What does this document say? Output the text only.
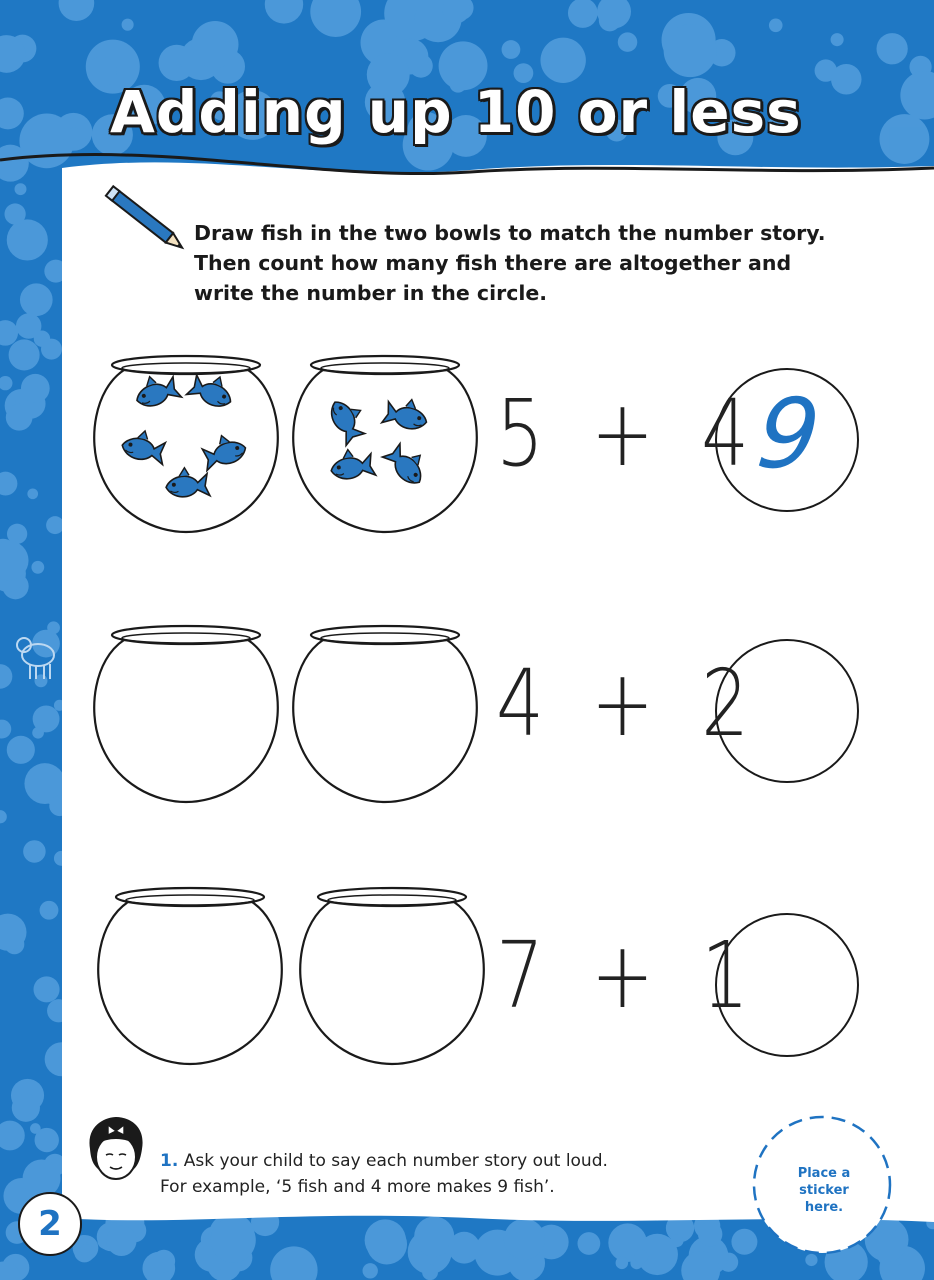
Adding up 10 or less
Draw fish in the two bowls to match the number story.
Then count how many fish there are altogether and
write the number in the circle.
5 + 4
9
4 + 2
7 + 1
1. Ask your child to say each number story out loud.
For example, ‘5 fish and 4 more makes 9 fish’.
Place a
sticker
here.
2
